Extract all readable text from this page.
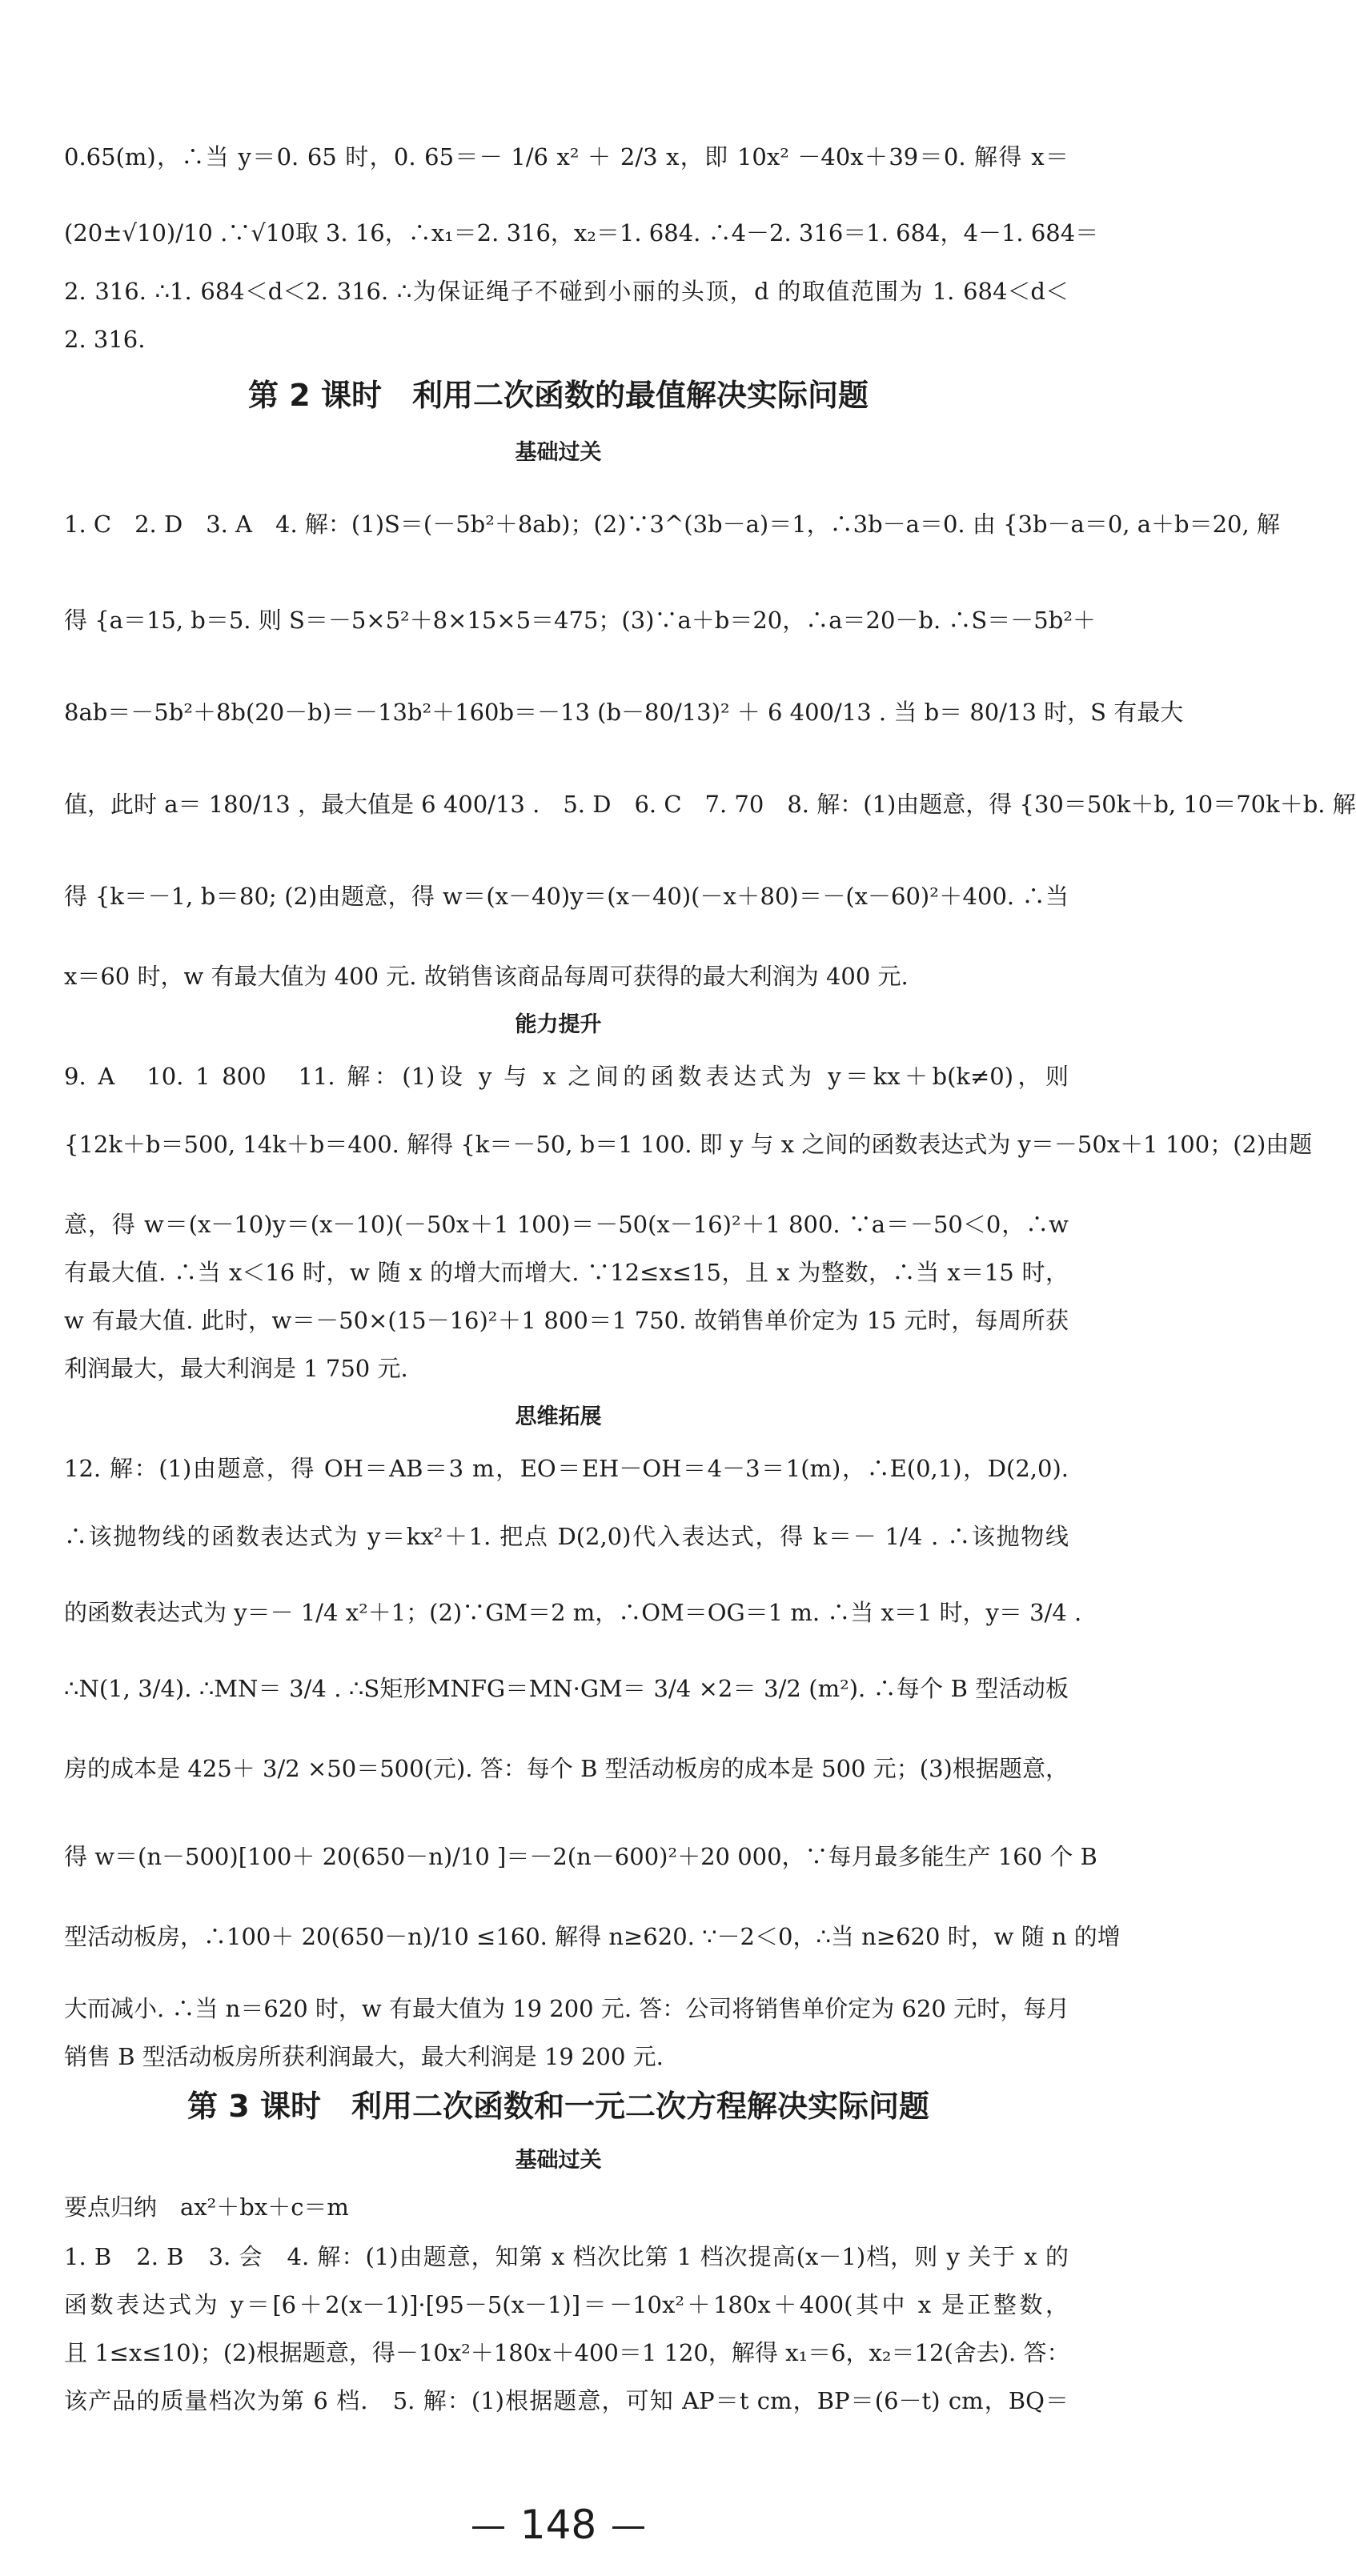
0.65(m)，∴当 y＝0. 65 时，0. 65＝－ 1/6 x² ＋ 2/3 x，即 10x² －40x＋39＝0. 解得 x＝
(20±√10)/10 .∵√10取 3. 16，∴x₁＝2. 316，x₂＝1. 684. ∴4－2. 316＝1. 684，4－1. 684＝
2. 316. ∴1. 684＜d＜2. 316. ∴为保证绳子不碰到小丽的头顶，d 的取值范围为 1. 684＜d＜
2. 316.
第 2 课时　利用二次函数的最值解决实际问题
基础过关
1. C　2. D　3. A　4. 解：(1)S＝(－5b²＋8ab)；(2)∵3^(3b－a)＝1，∴3b－a＝0. 由 {3b－a＝0, a＋b＝20, 解
得 {a＝15, b＝5. 则 S＝－5×5²＋8×15×5＝475；(3)∵a＋b＝20，∴a＝20－b. ∴S＝－5b²＋
8ab＝－5b²＋8b(20－b)＝－13b²＋160b＝－13 (b－80/13)² ＋ 6 400/13 . 当 b＝ 80/13 时，S 有最大
值，此时 a＝ 180/13 ，最大值是 6 400/13 .　5. D　6. C　7. 70　8. 解：(1)由题意，得 {30＝50k＋b, 10＝70k＋b. 解
得 {k＝－1, b＝80; (2)由题意，得 w＝(x－40)y＝(x－40)(－x＋80)＝－(x－60)²＋400. ∴当
x＝60 时，w 有最大值为 400 元. 故销售该商品每周可获得的最大利润为 400 元.
能力提升
9. A　10. 1 800　11. 解：(1)设 y 与 x 之间的函数表达式为 y＝kx＋b(k≠0)，则
{12k＋b＝500, 14k＋b＝400. 解得 {k＝－50, b＝1 100. 即 y 与 x 之间的函数表达式为 y＝－50x＋1 100；(2)由题
意，得 w＝(x－10)y＝(x－10)(－50x＋1 100)＝－50(x－16)²＋1 800. ∵a＝－50＜0，∴w
有最大值. ∴当 x＜16 时，w 随 x 的增大而增大. ∵12≤x≤15，且 x 为整数，∴当 x＝15 时，
w 有最大值. 此时，w＝－50×(15－16)²＋1 800＝1 750. 故销售单价定为 15 元时，每周所获
利润最大，最大利润是 1 750 元.
思维拓展
12. 解：(1)由题意，得 OH＝AB＝3 m，EO＝EH－OH＝4－3＝1(m)，∴E(0,1)，D(2,0).
∴该抛物线的函数表达式为 y＝kx²＋1. 把点 D(2,0)代入表达式，得 k＝－ 1/4 . ∴该抛物线
的函数表达式为 y＝－ 1/4 x²＋1；(2)∵GM＝2 m，∴OM＝OG＝1 m. ∴当 x＝1 时，y＝ 3/4 .
∴N(1, 3/4). ∴MN＝ 3/4 . ∴S矩形MNFG＝MN·GM＝ 3/4 ×2＝ 3/2 (m²). ∴每个 B 型活动板
房的成本是 425＋ 3/2 ×50＝500(元). 答：每个 B 型活动板房的成本是 500 元；(3)根据题意，
得 w＝(n－500)[100＋ 20(650－n)/10 ]＝－2(n－600)²＋20 000，∵每月最多能生产 160 个 B
型活动板房，∴100＋ 20(650－n)/10 ≤160. 解得 n≥620. ∵－2＜0，∴当 n≥620 时，w 随 n 的增
大而减小. ∴当 n＝620 时，w 有最大值为 19 200 元. 答：公司将销售单价定为 620 元时，每月
销售 B 型活动板房所获利润最大，最大利润是 19 200 元.
第 3 课时　利用二次函数和一元二次方程解决实际问题
基础过关
要点归纳　ax²＋bx＋c＝m
1. B　2. B　3. 会　4. 解：(1)由题意，知第 x 档次比第 1 档次提高(x－1)档，则 y 关于 x 的
函数表达式为 y＝[6＋2(x－1)]·[95－5(x－1)]＝－10x²＋180x＋400(其中 x 是正整数，
且 1≤x≤10)；(2)根据题意，得－10x²＋180x＋400＝1 120，解得 x₁＝6，x₂＝12(舍去). 答：
该产品的质量档次为第 6 档.　5. 解：(1)根据题意，可知 AP＝t cm，BP＝(6－t) cm，BQ＝
148
